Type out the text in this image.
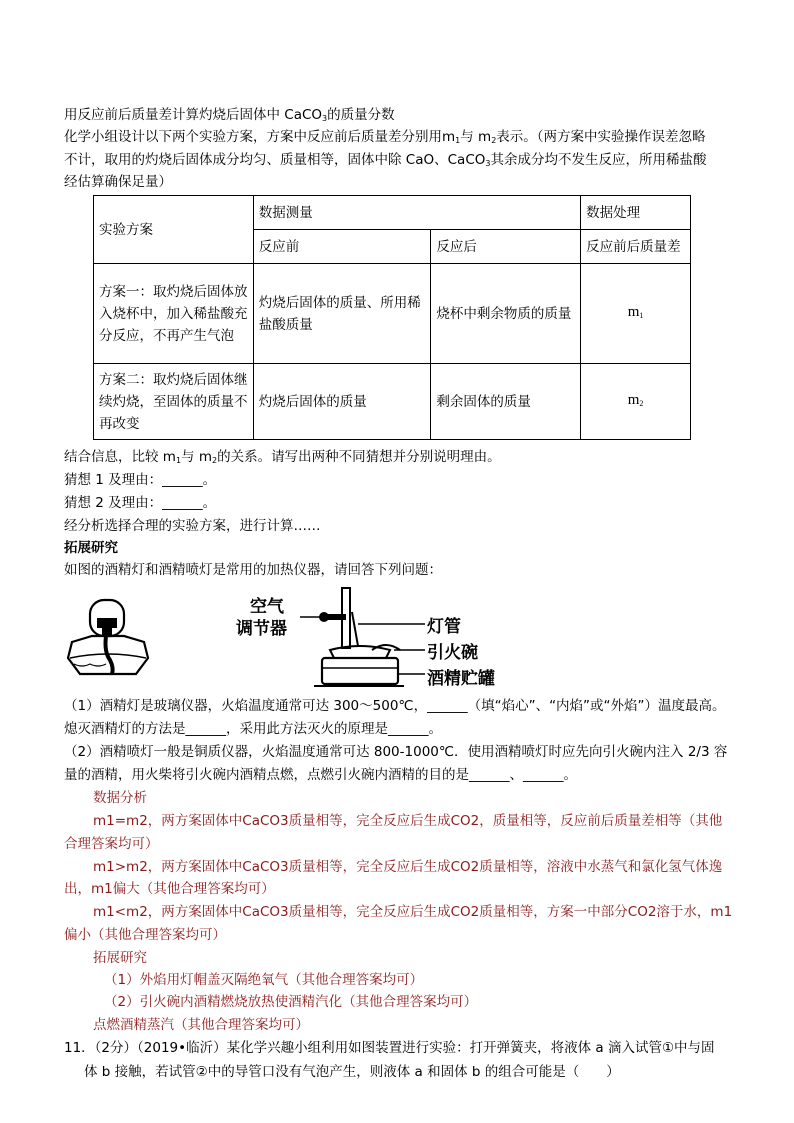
用反应前后质量差计算灼烧后固体中 CaCO$_3$的质量分数
化学小组设计以下两个实验方案，方案中反应前后质量差分别用$m_1$与 $m_2$表示。（两方案中实验操作误差忽略
不计，取用的灼烧后固体成分均匀、质量相等，固体中除 CaO、CaCO$_3$其余成分均不发生反应，所用稀盐酸
经估算确保足量）
实验方案	数据测量		数据处理
	反应前	反应后	反应前后质量差
方案一：取灼烧后固体放入烧杯中，加入稀盐酸充分反应，不再产生气泡	灼烧后固体的质量、所用稀盐酸质量	烧杯中剩余物质的质量	$m_1$
方案二：取灼烧后固体继续灼烧，至固体的质量不再改变	灼烧后固体的质量	剩余固体的质量	$m_2$
结合信息，比较 $m_1$与 $m_2$的关系。请写出两种不同猜想并分别说明理由。
猜想 1 及理由：______。
猜想 2 及理由：______。
经分析选择合理的实验方案，进行计算……
拓展研究
如图的酒精灯和酒精喷灯是常用的加热仪器，请回答下列问题：
空气
调节器	灯管
引火碗
酒精贮罐
（1）酒精灯是玻璃仪器，火焰温度通常可达 300～500℃，______（填“焰心”、“内焰”或“外焰”）温度最高。
熄灭酒精灯的方法是______，采用此方法灭火的原理是______。
（2）酒精喷灯一般是铜质仪器，火焰温度通常可达 800-1000℃．使用酒精喷灯时应先向引火碗内注入 2/3 容
量的酒精，用火柴将引火碗内酒精点燃，点燃引火碗内酒精的目的是______、______。
数据分析
m1=m2，两方案固体中CaCO3质量相等，完全反应后生成CO2，质量相等，反应前后质量差相等（其他
合理答案均可）
m1>m2，两方案固体中CaCO3质量相等，完全反应后生成CO2质量相等，溶液中水蒸气和氯化氢气体逸
出，m1偏大（其他合理答案均可）
m1<m2，两方案固体中CaCO3质量相等，完全反应后生成CO2质量相等，方案一中部分CO2溶于水，m1
偏小（其他合理答案均可）
拓展研究
（1）外焰用灯帽盖灭隔绝氧气（其他合理答案均可）
（2）引火碗内酒精燃烧放热使酒精汽化（其他合理答案均可）
点燃酒精蒸汽（其他合理答案均可）
11．（2分）（2019•临沂）某化学兴趣小组利用如图装置进行实验：打开弹簧夹，将液体 a 滴入试管①中与固
体 b 接触，若试管②中的导管口没有气泡产生，则液体 a 和固体 b 的组合可能是（　　）
